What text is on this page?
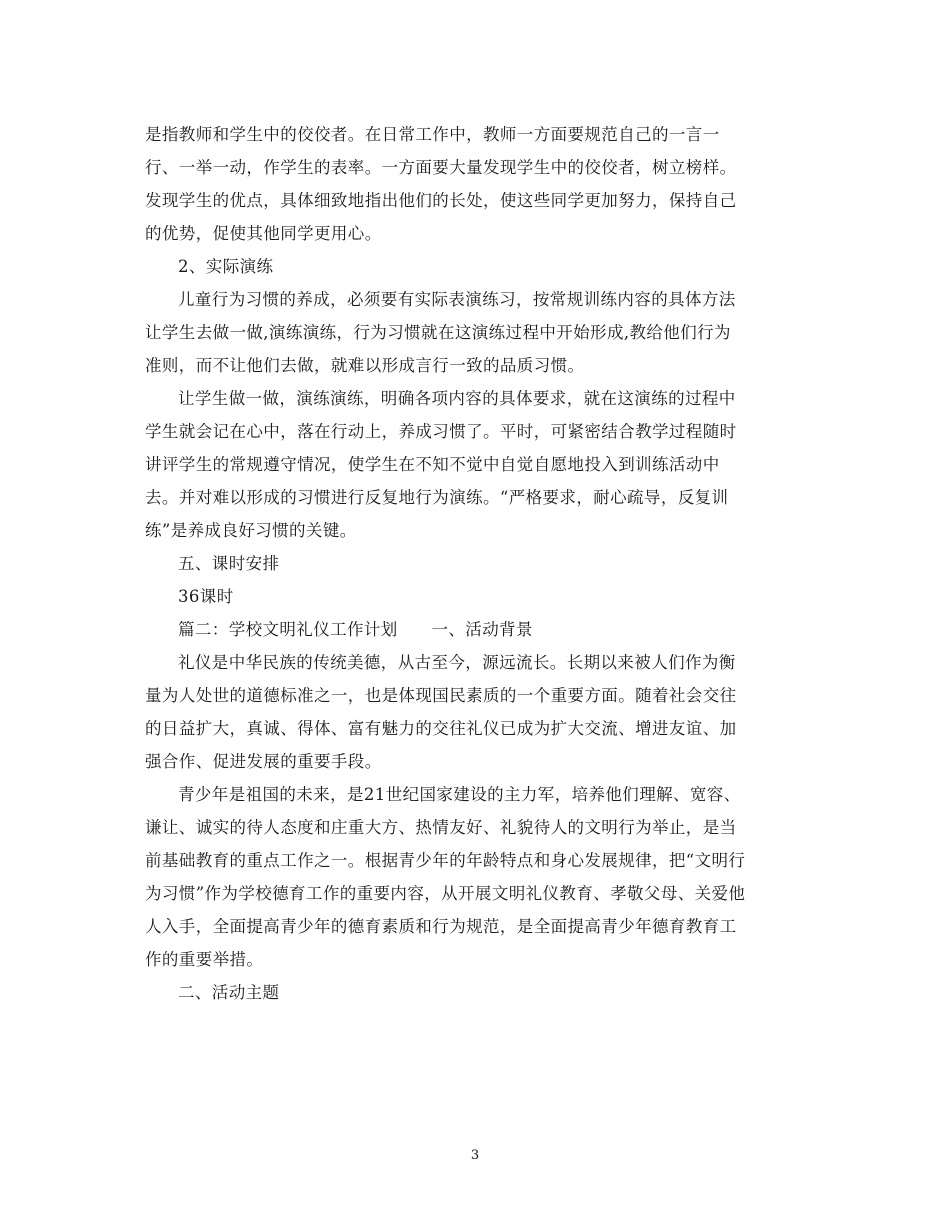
是指教师和学生中的佼佼者。在日常工作中，教师一方面要规范自己的一言一
行、一举一动，作学生的表率。一方面要大量发现学生中的佼佼者，树立榜样。
发现学生的优点，具体细致地指出他们的长处，使这些同学更加努力，保持自己
的优势，促使其他同学更用心。
2、实际演练
儿童行为习惯的养成，必须要有实际表演练习，按常规训练内容的具体方法
让学生去做一做,演练演练，行为习惯就在这演练过程中开始形成,教给他们行为
准则，而不让他们去做，就难以形成言行一致的品质习惯。
让学生做一做，演练演练，明确各项内容的具体要求，就在这演练的过程中
学生就会记在心中，落在行动上，养成习惯了。平时，可紧密结合教学过程随时
讲评学生的常规遵守情况，使学生在不知不觉中自觉自愿地投入到训练活动中
去。并对难以形成的习惯进行反复地行为演练。“严格要求，耐心疏导，反复训
练”是养成良好习惯的关键。
五、课时安排
36课时
篇二：学校文明礼仪工作计划　　一、活动背景
礼仪是中华民族的传统美德，从古至今，源远流长。长期以来被人们作为衡
量为人处世的道德标准之一，也是体现国民素质的一个重要方面。随着社会交往
的日益扩大，真诚、得体、富有魅力的交往礼仪已成为扩大交流、增进友谊、加
强合作、促进发展的重要手段。
青少年是祖国的未来，是21世纪国家建设的主力军，培养他们理解、宽容、
谦让、诚实的待人态度和庄重大方、热情友好、礼貌待人的文明行为举止，是当
前基础教育的重点工作之一。根据青少年的年龄特点和身心发展规律，把“文明行
为习惯”作为学校德育工作的重要内容，从开展文明礼仪教育、孝敬父母、关爱他
人入手，全面提高青少年的德育素质和行为规范，是全面提高青少年德育教育工
作的重要举措。
二、活动主题
3
